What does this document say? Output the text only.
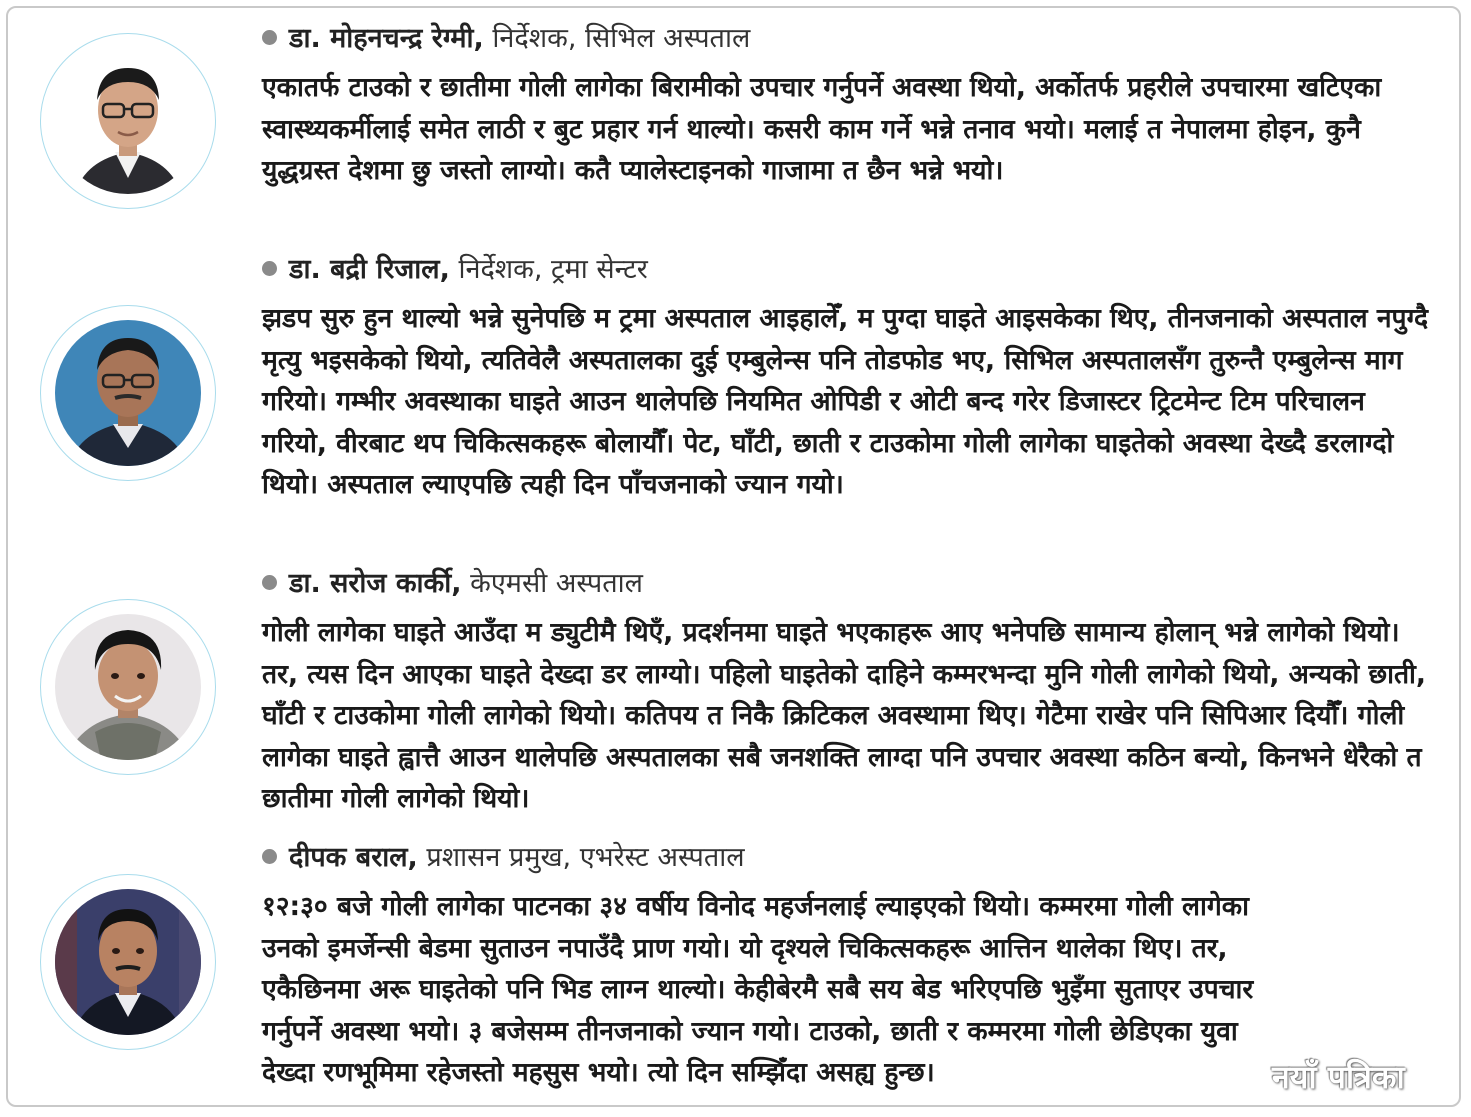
डा. मोहनचन्द्र रेग्मी, निर्देशक, सिभिल अस्पताल

एकातर्फ टाउको र छातीमा गोली लागेका बिरामीको उपचार गर्नुपर्ने अवस्था थियो, अर्कोतर्फ प्रहरीले उपचारमा खटिएका स्वास्थ्यकर्मीलाई समेत लाठी र बुट प्रहार गर्न थाल्यो। कसरी काम गर्ने भन्ने तनाव भयो। मलाई त नेपालमा होइन, कुनै युद्धग्रस्त देशमा छु जस्तो लाग्यो। कतै प्यालेस्टाइनको गाजामा त छैन भन्ने भयो।

डा. बद्री रिजाल, निर्देशक, ट्रमा सेन्टर

झडप सुरु हुन थाल्यो भन्ने सुनेपछि म ट्रमा अस्पताल आइहालेँ, म पुग्दा घाइते आइसकेका थिए, तीनजनाको अस्पताल नपुग्दै मृत्यु भइसकेको थियो, त्यतिवेलै अस्पतालका दुई एम्बुलेन्स पनि तोडफोड भए, सिभिल अस्पतालसँग तुरुन्तै एम्बुलेन्स माग गरियो। गम्भीर अवस्थाका घाइते आउन थालेपछि नियमित ओपिडी र ओटी बन्द गरेर डिजास्टर ट्रिटमेन्ट टिम परिचालन गरियो, वीरबाट थप चिकित्सकहरू बोलायौँ। पेट, घाँटी, छाती र टाउकोमा गोली लागेका घाइतेको अवस्था देख्दै डरलाग्दो थियो। अस्पताल ल्याएपछि त्यही दिन पाँचजनाको ज्यान गयो।

डा. सरोज कार्की, केएमसी अस्पताल

गोली लागेका घाइते आउँदा म ड्युटीमै थिएँ, प्रदर्शनमा घाइते भएकाहरू आए भनेपछि सामान्य होलान् भन्ने लागेको थियो। तर, त्यस दिन आएका घाइते देख्दा डर लाग्यो। पहिलो घाइतेको दाहिने कम्मरभन्दा मुनि गोली लागेको थियो, अन्यको छाती, घाँटी र टाउकोमा गोली लागेको थियो। कतिपय त निकै क्रिटिकल अवस्थामा थिए। गेटैमा राखेर पनि सिपिआर दियौँ। गोली लागेका घाइते ह्वात्तै आउन थालेपछि अस्पतालका सबै जनशक्ति लाग्दा पनि उपचार अवस्था कठिन बन्यो, किनभने धेरैको त छातीमा गोली लागेको थियो।

दीपक बराल, प्रशासन प्रमुख, एभरेस्ट अस्पताल

१२:३० बजे गोली लागेका पाटनका ३४ वर्षीय विनोद महर्जनलाई ल्याइएको थियो। कम्मरमा गोली लागेका उनको इमर्जेन्सी बेडमा सुताउन नपाउँदै प्राण गयो। यो दृश्यले चिकित्सकहरू आत्तिन थालेका थिए। तर, एकैछिनमा अरू घाइतेको पनि भिड लाग्न थाल्यो। केहीबेरमै सबै सय बेड भरिएपछि भुइँमा सुताएर उपचार गर्नुपर्ने अवस्था भयो। ३ बजेसम्म तीनजनाको ज्यान गयो। टाउको, छाती र कम्मरमा गोली छेडिएका युवा देख्दा रणभूमिमा रहेजस्तो महसुस भयो। त्यो दिन सम्झिँदा असह्य हुन्छ।	नयाँ पत्रिका
